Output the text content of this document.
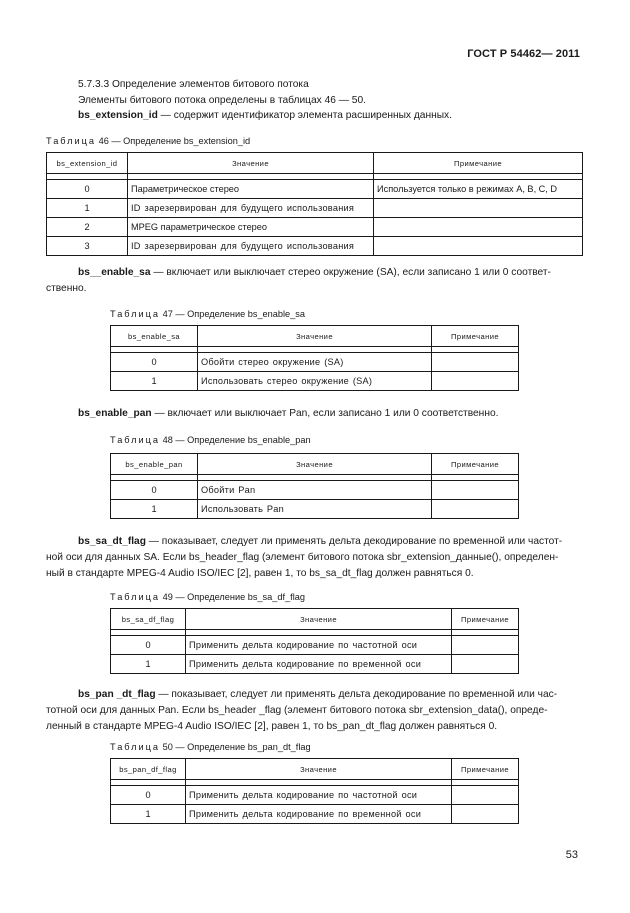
ГОСТ Р 54462— 2011
5.7.3.3 Определение элементов битового потока
Элементы битового потока определены в таблицах 46 — 50.
bs_extension_id — содержит идентификатор элемента расширенных данных.
Таблица 46 — Определение bs_extension_id
bs_extension_id	Значение	Примечание

0	Параметрическое стерео	Используется только в режимах A, B, C, D
1	ID зарезервирован для будущего использования	
2	MPEG параметрическое стерео	
3	ID зарезервирован для будущего использования	
bs__enable_sa — включает или выключает стерео окружение (SA), если записано 1 или 0 соответ-
ственно.
Таблица 47 — Определение bs_enable_sa
bs_enable_sa	Значение	Примечание

0	Обойти стерео окружение (SA)	
1	Использовать стерео окружение (SA)	
bs_enable_pan — включает или выключает Pan, если записано 1 или 0 соответственно.
Таблица 48 — Определение bs_enable_pan
bs_enable_pan	Значение	Примечание

0	Обойти Pan	
1	Использовать Pan	
bs_sa_dt_flag — показывает, следует ли применять дельта декодирование по временной или частот-
ной оси для данных SA. Если bs_header_flag (элемент битового потока sbr_extension_данные(), определен-
ный в стандарте MPEG-4 Audio ISO/IEC [2], равен 1, то bs_sa_dt_flag должен равняться 0.
Таблица 49 — Определение bs_sa_df_flag
bs_sa_df_flag	Значение	Примечание

0	Применить дельта кодирование по частотной оси	
1	Применить дельта кодирование по временной оси	
bs_pan _dt_flag — показывает, следует ли применять дельта декодирование по временной или час-
тотной оси для данных Pan. Если bs_header _flag (элемент битового потока sbr_extension_data(), опреде-
ленный в стандарте MPEG-4 Audio ISO/IEC [2], равен 1, то bs_pan_dt_flag должен равняться 0.
Таблица 50 — Определение bs_pan_dt_flag
bs_pan_df_flag	Значение	Примечание

0	Применить дельта кодирование по частотной оси	
1	Применить дельта кодирование по временной оси	
53
